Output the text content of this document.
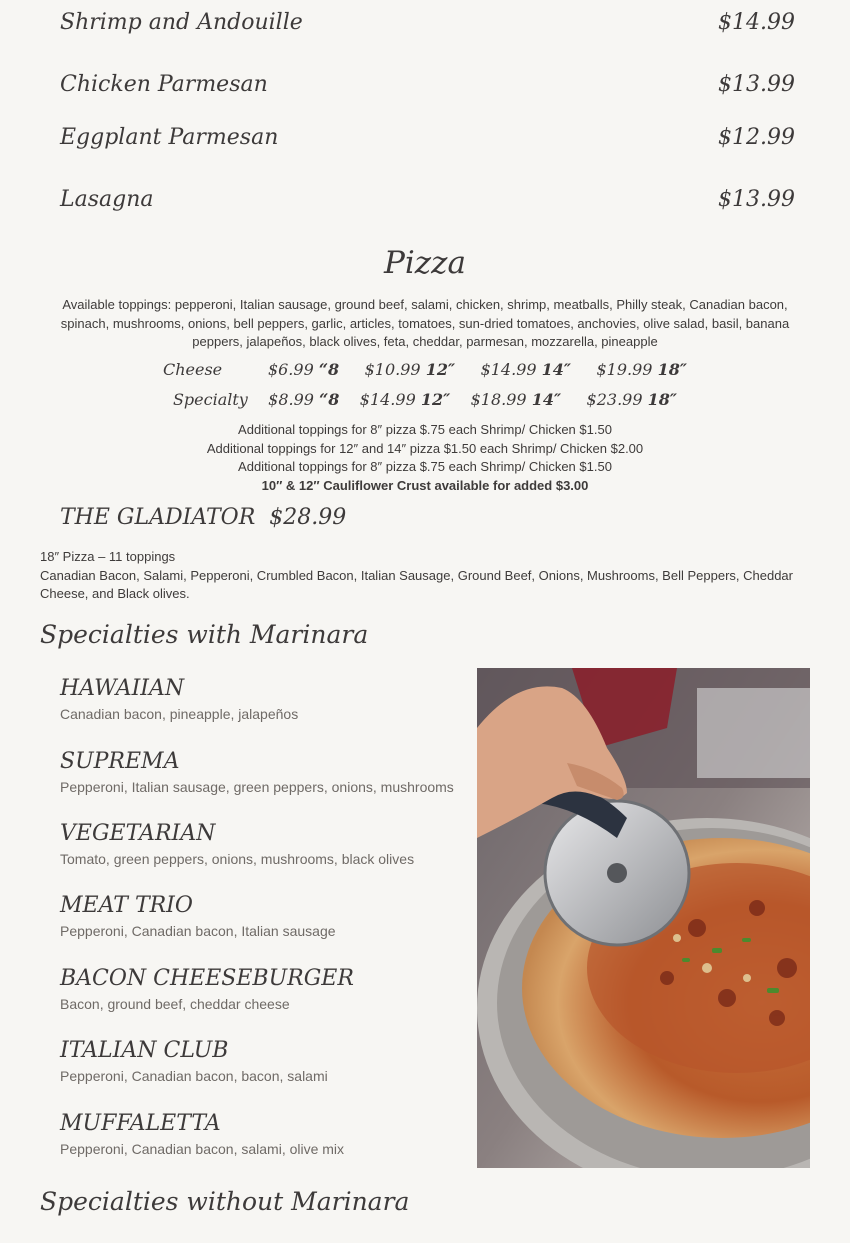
Shrimp and Andouille	$14.99
Chicken Parmesan	$13.99
Eggplant Parmesan	$12.99
Lasagna	$13.99
Pizza
Available toppings: pepperoni, Italian sausage, ground beef, salami, chicken, shrimp, meatballs, Philly steak, Canadian bacon, spinach, mushrooms, onions, bell peppers, garlic, articles, tomatoes, sun-dried tomatoes, anchovies, olive salad, basil, banana peppers, jalapeños, black olives, feta, cheddar, parmesan, mozzarella, pineapple
Cheese	$6.99 “8 $10.99 12″ $14.99 14″ $19.99 18″
Specialty $8.99 “8 $14.99 12″ $18.99 14″ $23.99 18″
Additional toppings for 8″ pizza $.75 each Shrimp/ Chicken $1.50
Additional toppings for 12″ and 14″ pizza $1.50 each Shrimp/ Chicken $2.00
Additional toppings for 8″ pizza $.75 each Shrimp/ Chicken $1.50
10″ & 12″ Cauliflower Crust available for added $3.00
THE GLADIATOR $28.99
18″ Pizza – 11 toppings
Canadian Bacon, Salami, Pepperoni, Crumbled Bacon, Italian Sausage, Ground Beef, Onions, Mushrooms, Bell Peppers, Cheddar Cheese, and Black olives.
Specialties with Marinara
HAWAIIAN
Canadian bacon, pineapple, jalapeños
SUPREMA
Pepperoni, Italian sausage, green peppers, onions, mushrooms
VEGETARIAN
Tomato, green peppers, onions, mushrooms, black olives
MEAT TRIO
Pepperoni, Canadian bacon, Italian sausage
BACON CHEESEBURGER
Bacon, ground beef, cheddar cheese
ITALIAN CLUB
Pepperoni, Canadian bacon, bacon, salami
MUFFALETTA
Pepperoni, Canadian bacon, salami, olive mix
Specialties without Marinara
